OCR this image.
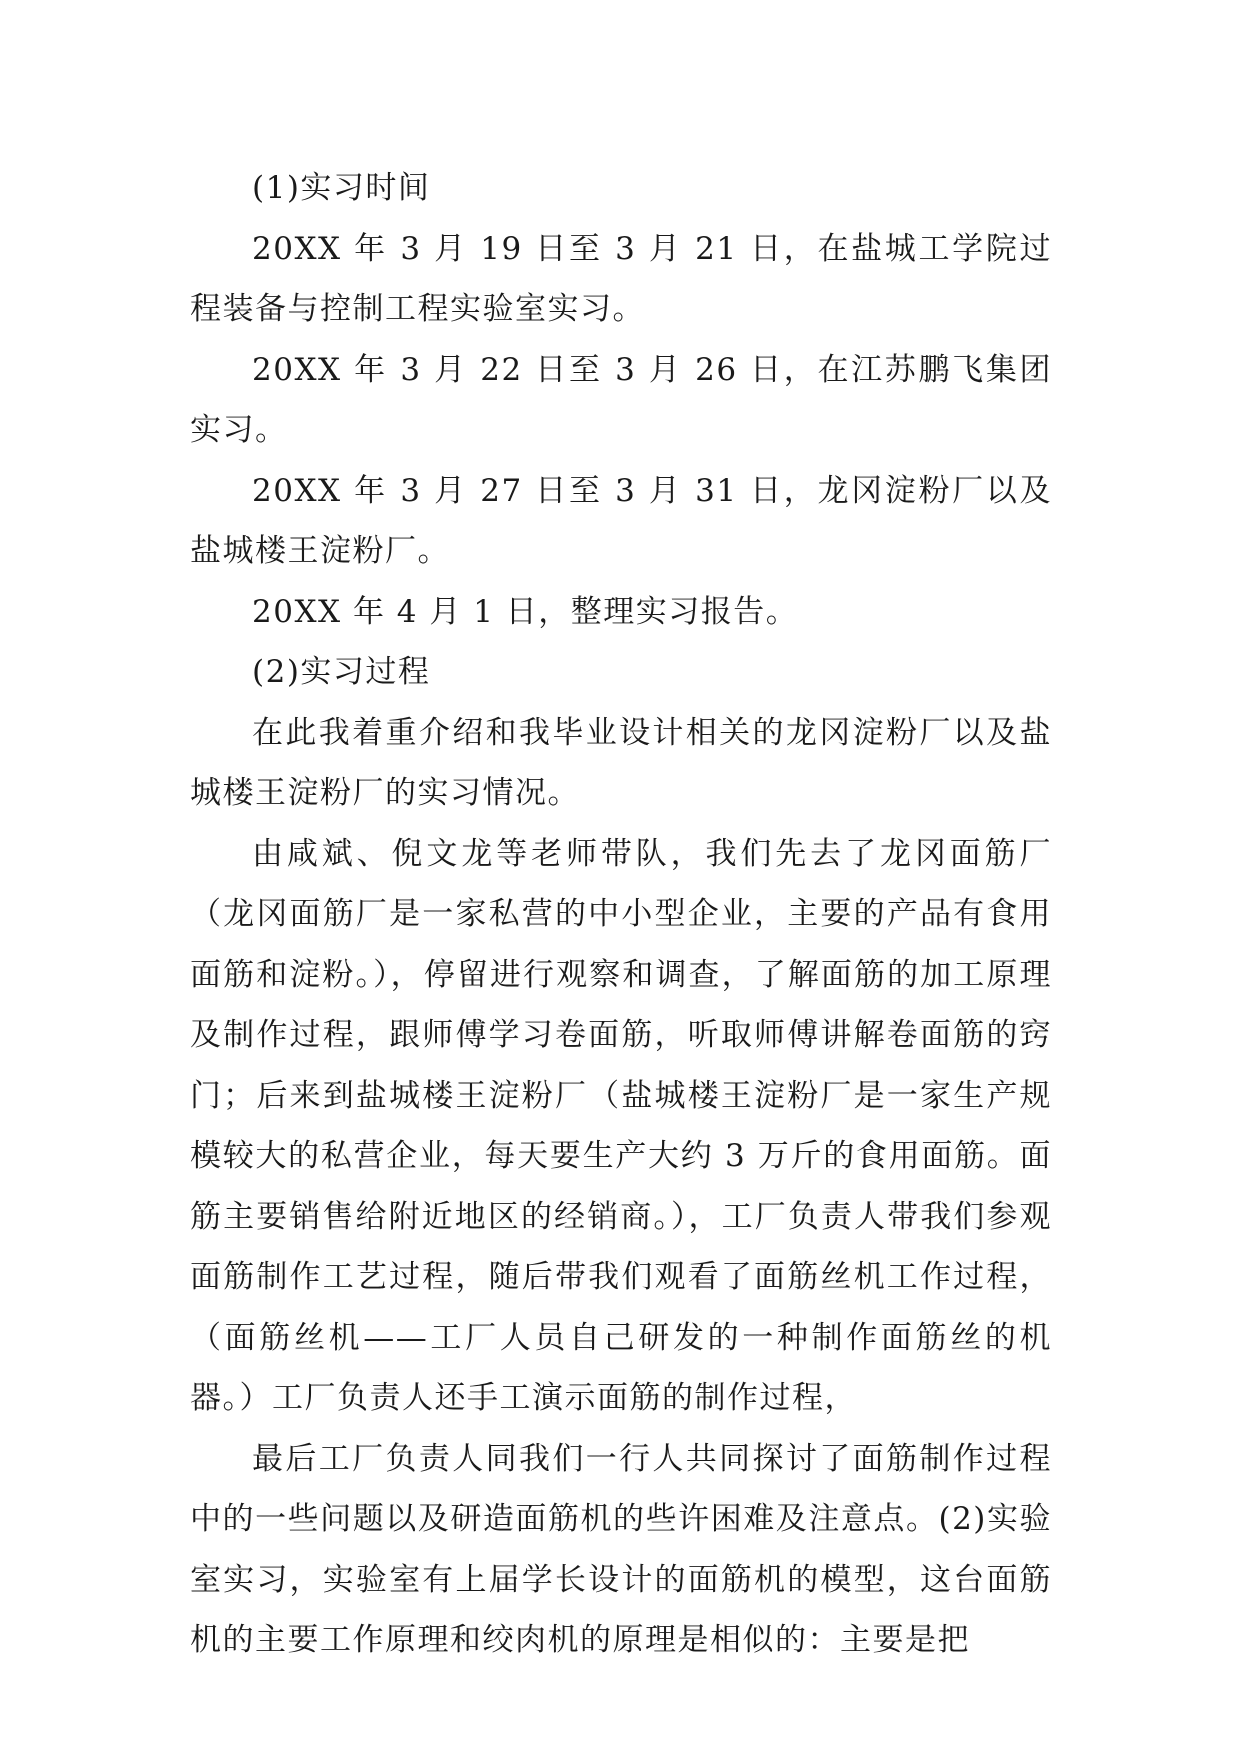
(1)实习时间

20XX 年 3 月 19 日至 3 月 21 日，在盐城工学院过程装备与控制工程实验室实习。

20XX 年 3 月 22 日至 3 月 26 日，在江苏鹏飞集团实习。

20XX 年 3 月 27 日至 3 月 31 日，龙冈淀粉厂以及盐城楼王淀粉厂。

20XX 年 4 月 1 日，整理实习报告。

(2)实习过程

在此我着重介绍和我毕业设计相关的龙冈淀粉厂以及盐城楼王淀粉厂的实习情况。

由咸斌、倪文龙等老师带队，我们先去了龙冈面筋厂（龙冈面筋厂是一家私营的中小型企业，主要的产品有食用面筋和淀粉。），停留进行观察和调查，了解面筋的加工原理及制作过程，跟师傅学习卷面筋，听取师傅讲解卷面筋的窍门；后来到盐城楼王淀粉厂（盐城楼王淀粉厂是一家生产规模较大的私营企业，每天要生产大约 3 万斤的食用面筋。面筋主要销售给附近地区的经销商。），工厂负责人带我们参观面筋制作工艺过程，随后带我们观看了面筋丝机工作过程，（面筋丝机——工厂人员自己研发的一种制作面筋丝的机器。）工厂负责人还手工演示面筋的制作过程，

最后工厂负责人同我们一行人共同探讨了面筋制作过程中的一些问题以及研造面筋机的些许困难及注意点。(2)实验室实习，实验室有上届学长设计的面筋机的模型，这台面筋机的主要工作原理和绞肉机的原理是相似的：主要是把
